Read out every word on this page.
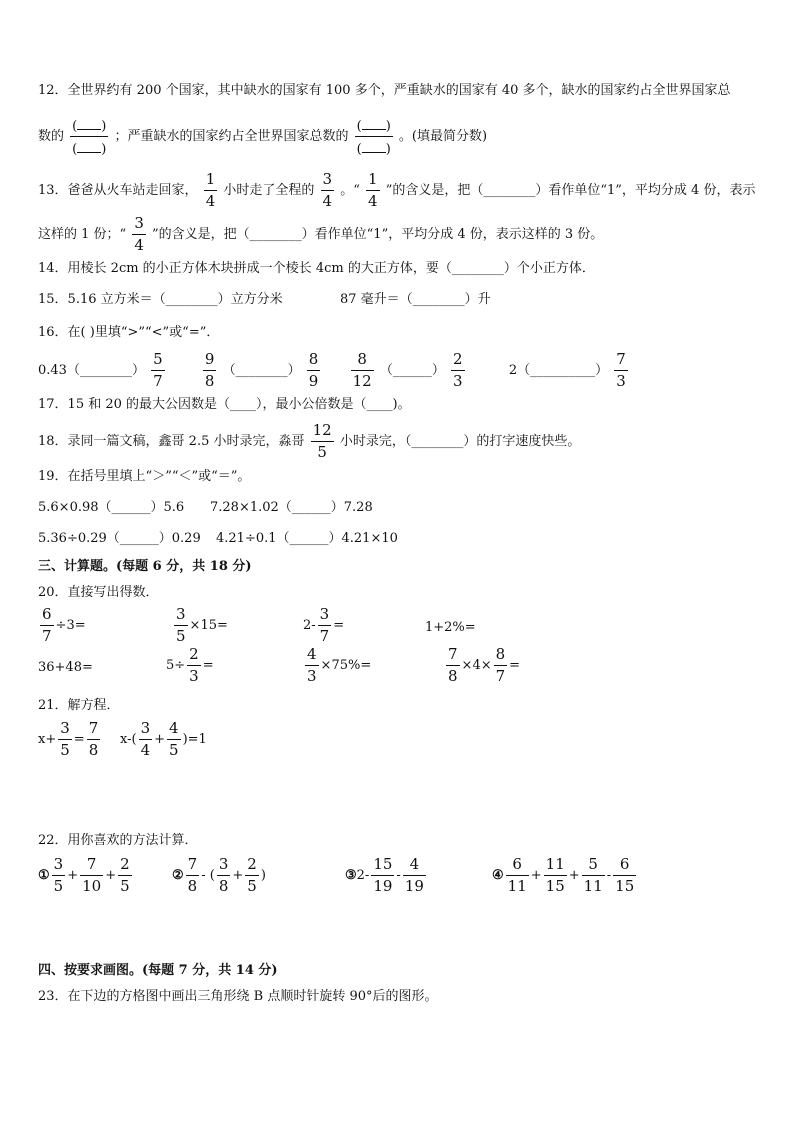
12．全世界约有 200 个国家，其中缺水的国家有 100 多个，严重缺水的国家有 40 多个，缺水的国家约占全世界国家总
数的
( )
( )
；严重缺水的国家约占全世界国家总数的
( )
( )
。(填最简分数)
13．爸爸从火车站走回家， $\frac{1}{4}$ 小时走了全程的 $\frac{3}{4}$ 。“ $\frac{1}{4}$ ”的含义是，把（________）看作单位“1”，平均分成 4 份，表示
这样的 1 份；“ $\frac{3}{4}$ ”的含义是，把（________）看作单位“1”，平均分成 4 份，表示这样的 3 份。
14．用棱长 2cm 的小正方体木块拼成一个棱长 4cm 的大正方体，要（________）个小正方体．
15．5.16 立方米＝（________）立方分米	87 毫升＝（________）升
16．在( )里填“>”“<”或“=”．
0.43（________） $\frac{5}{7}$
	$\frac{9}{8}$ （________） $\frac{8}{9}$
$\frac{8}{12}$ （______） $\frac{2}{3}$	2（__________） $\frac{7}{3}$
17．15 和 20 的最大公因数是（____），最小公倍数是（____)。
18．录同一篇文稿，鑫哥 2.5 小时录完，淼哥 $\frac{12}{5}$ 小时录完，（________）的打字速度快些。
19．在括号里填上“＞”“＜”或“＝”。
5.6×0.98（______）5.6 7.28×1.02（______）7.28
5.36÷0.29（______）0.29 4.21÷0.1（______）4.21×10
三、计算题。(每题 6 分，共 18 分)
20．直接写出得数．
$\frac{6}{7} \div 3=$	$\frac{3}{5} \times 15=$	$2- \frac{3}{7}$ =	1+2%=
36+48=	$5\div \frac{2}{3}$ =	$\frac{4}{3} \times 75\%=$	$\frac{7}{8} \times 4\times \frac{8}{7}$ =
21．解方程．
$x+ \frac{3}{5} = \frac{7}{8} x-( \frac{3}{4} + \frac{4}{5} )=1$
22．用你喜欢的方法计算．
① $\frac{3}{5} + \frac{7}{10} + \frac{2}{5}$	② $\frac{7}{8}$ - ( $\frac{3}{8} + \frac{2}{5}$ )	③2- $\frac{15}{19} - \frac{4}{19}$	④ $\frac{6}{11} + \frac{11}{15} + \frac{5}{11} - \frac{6}{15}$
四、按要求画图。(每题 7 分，共 14 分)
23．在下边的方格图中画出三角形绕 B 点顺时针旋转 90°后的图形。
